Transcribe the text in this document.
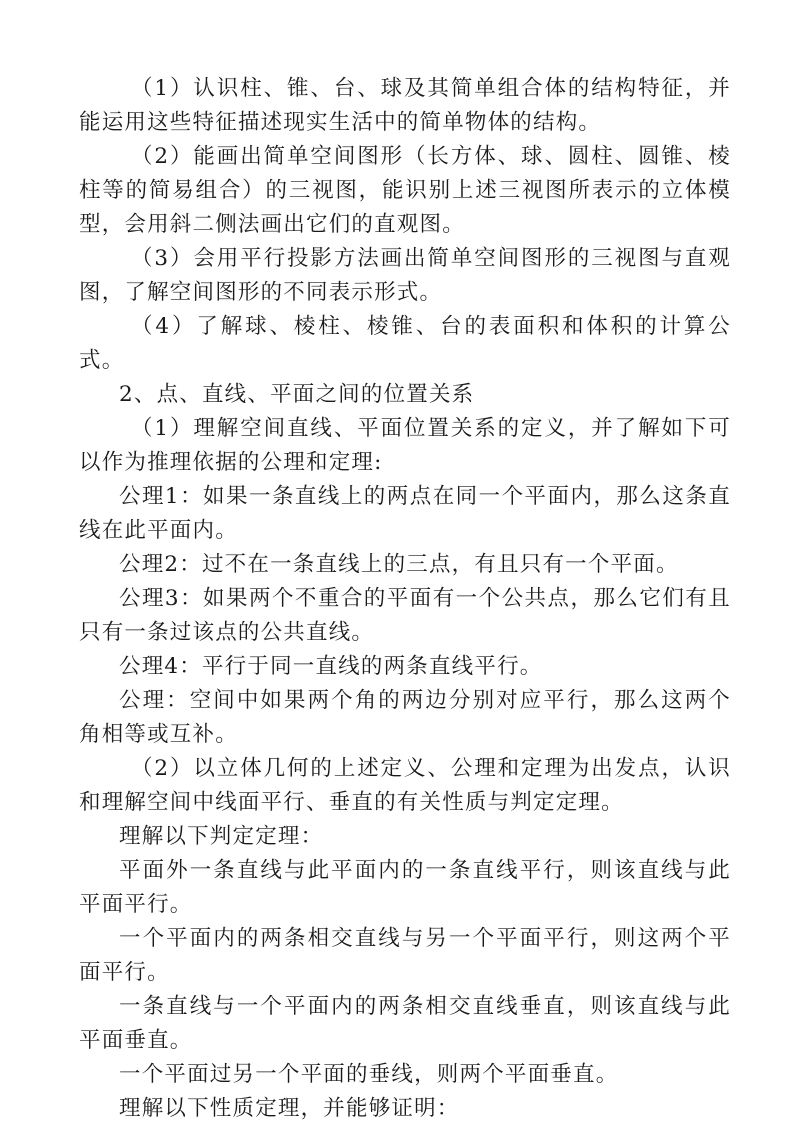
（1）认识柱、锥、台、球及其简单组合体的结构特征，并能运用这些特征描述现实生活中的简单物体的结构。

（2）能画出简单空间图形（长方体、球、圆柱、圆锥、棱柱等的简易组合）的三视图，能识别上述三视图所表示的立体模型，会用斜二侧法画出它们的直观图。

（3）会用平行投影方法画出简单空间图形的三视图与直观图，了解空间图形的不同表示形式。

（4）了解球、棱柱、棱锥、台的表面积和体积的计算公式。

2、点、直线、平面之间的位置关系

（1）理解空间直线、平面位置关系的定义，并了解如下可以作为推理依据的公理和定理:

公理1：如果一条直线上的两点在同一个平面内，那么这条直线在此平面内。

公理2：过不在一条直线上的三点，有且只有一个平面。

公理3：如果两个不重合的平面有一个公共点，那么它们有且只有一条过该点的公共直线。

公理4：平行于同一直线的两条直线平行。

公理：空间中如果两个角的两边分别对应平行，那么这两个角相等或互补。

（2）以立体几何的上述定义、公理和定理为出发点，认识和理解空间中线面平行、垂直的有关性质与判定定理。

理解以下判定定理：

平面外一条直线与此平面内的一条直线平行，则该直线与此平面平行。

一个平面内的两条相交直线与另一个平面平行，则这两个平面平行。

一条直线与一个平面内的两条相交直线垂直，则该直线与此平面垂直。

一个平面过另一个平面的垂线，则两个平面垂直。

理解以下性质定理，并能够证明：
